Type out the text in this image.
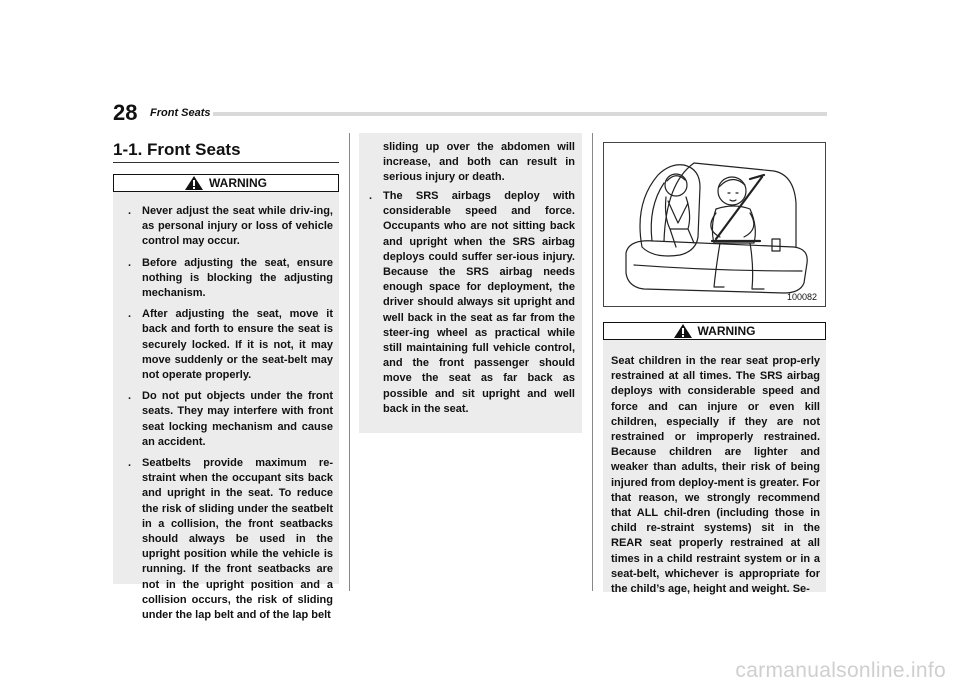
28 Front Seats
1-1. Front Seats
WARNING
. Never adjust the seat while driv-ing, as personal injury or loss of vehicle control may occur.
. Before adjusting the seat, ensure nothing is blocking the adjusting mechanism.
. After adjusting the seat, move it back and forth to ensure the seat is securely locked. If it is not, it may move suddenly or the seat-belt may not operate properly.
. Do not put objects under the front seats. They may interfere with front seat locking mechanism and cause an accident.
. Seatbelts provide maximum re-straint when the occupant sits back and upright in the seat. To reduce the risk of sliding under the seatbelt in a collision, the front seatbacks should always be used in the upright position while the vehicle is running. If the front seatbacks are not in the upright position and a collision occurs, the risk of sliding under the lap belt and of the lap belt
sliding up over the abdomen will increase, and both can result in serious injury or death.
. The SRS airbags deploy with considerable speed and force. Occupants who are not sitting back and upright when the SRS airbag deploys could suffer ser-ious injury. Because the SRS airbag needs enough space for deployment, the driver should always sit upright and well back in the seat as far from the steer-ing wheel as practical while still maintaining full vehicle control, and the front passenger should move the seat as far back as possible and sit upright and well back in the seat.
100082
WARNING
Seat children in the rear seat prop-erly restrained at all times. The SRS airbag deploys with considerable speed and force and can injure or even kill children, especially if they are not restrained or improperly restrained. Because children are lighter and weaker than adults, their risk of being injured from deploy-ment is greater. For that reason, we strongly recommend that ALL chil-dren (including those in child re-straint systems) sit in the REAR seat properly restrained at all times in a child restraint system or in a seat-belt, whichever is appropriate for the child’s age, height and weight. Se-
carmanualsonline.info
